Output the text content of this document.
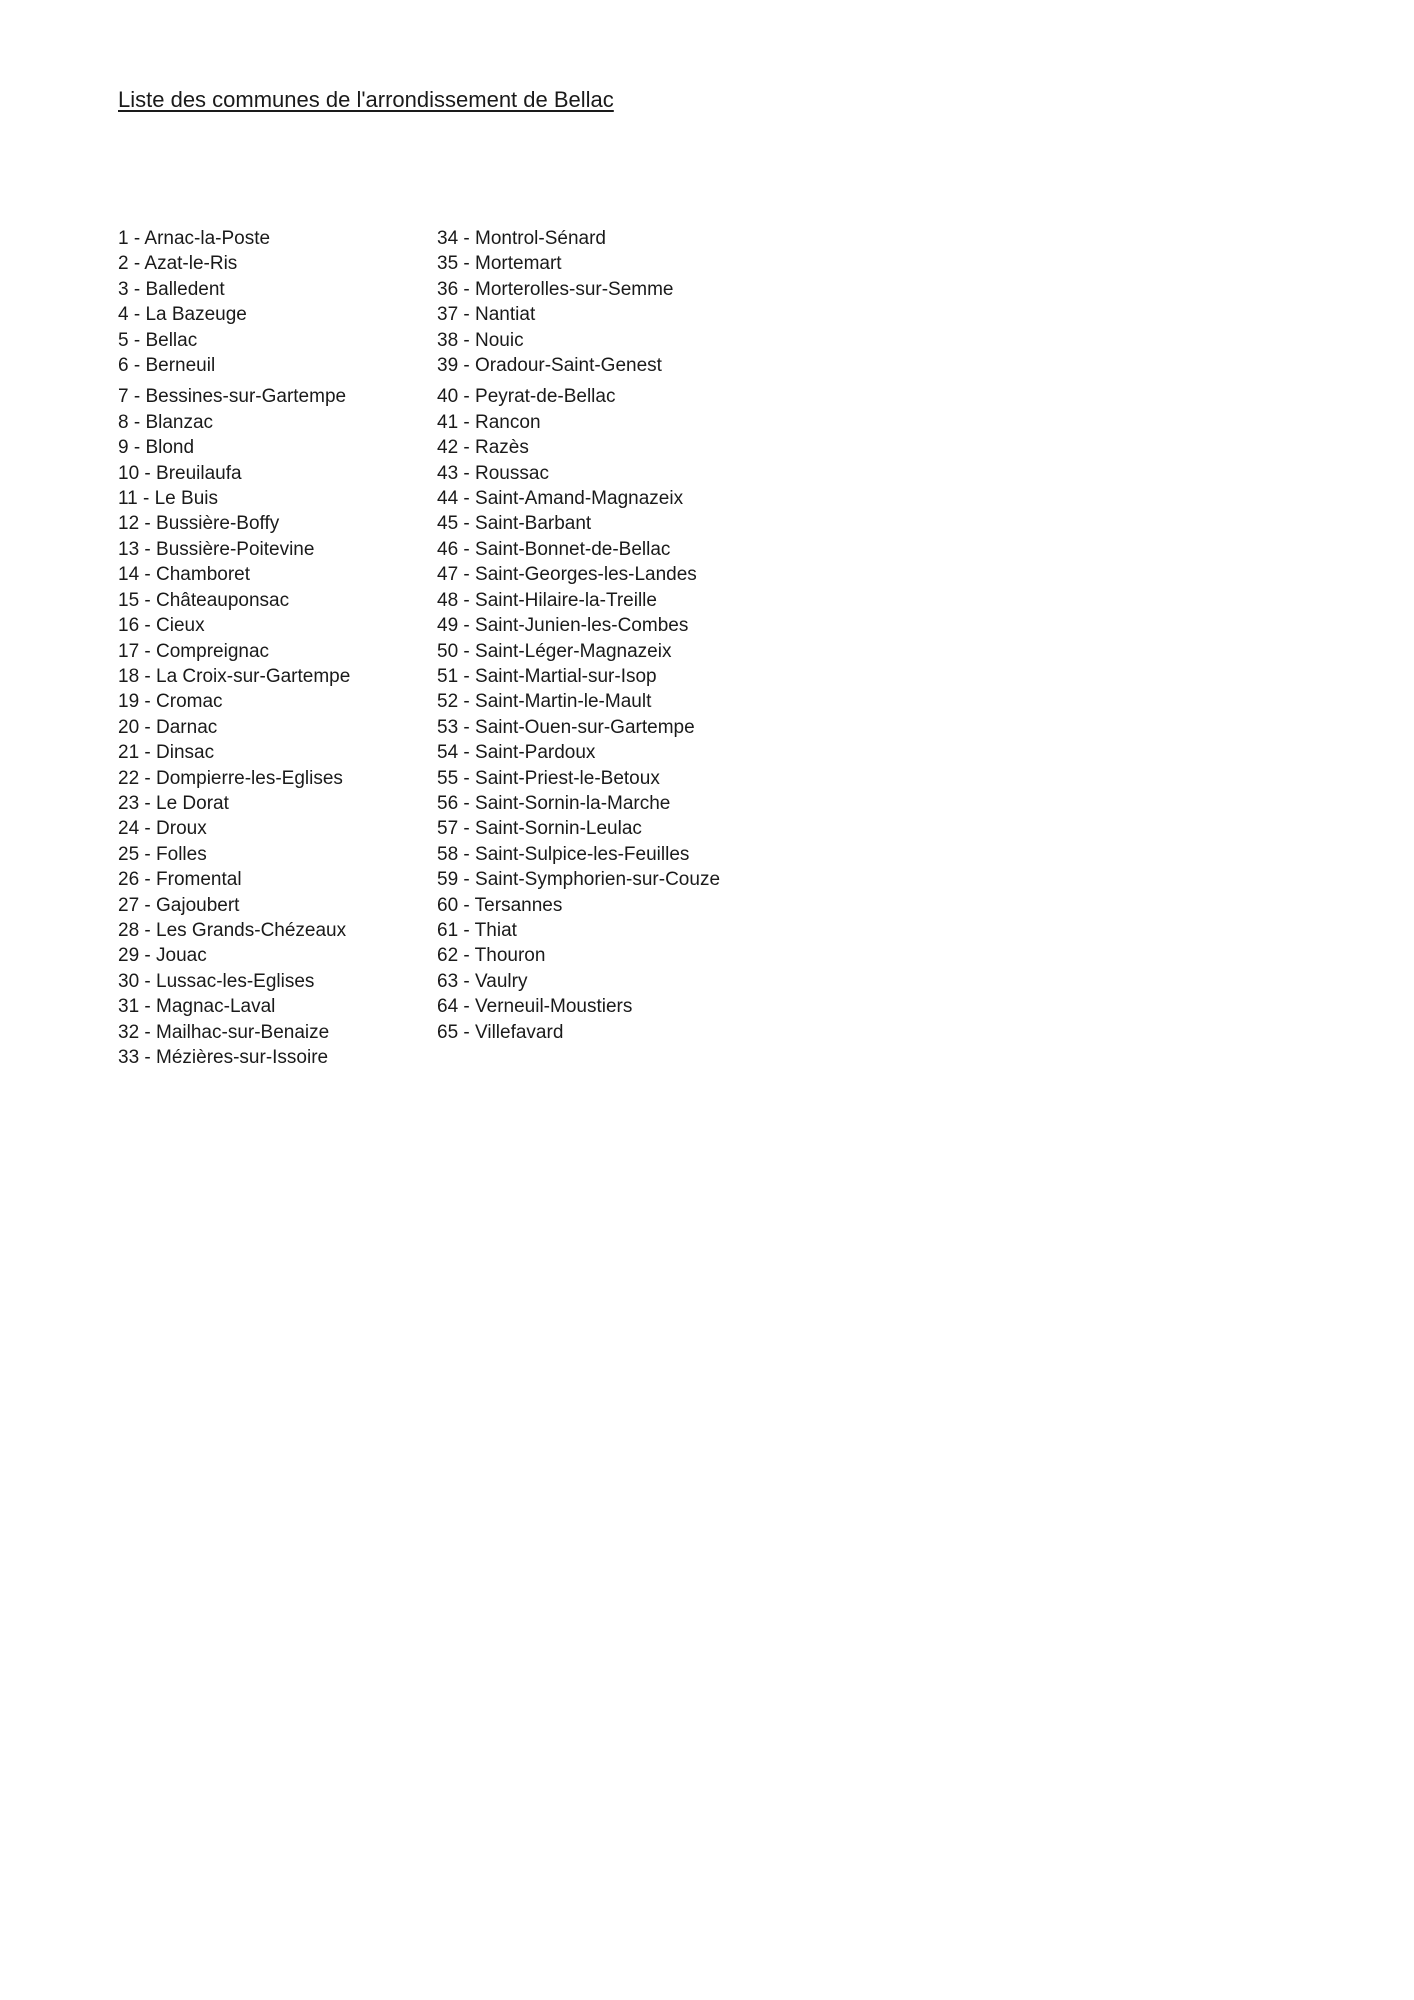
Liste des communes de l'arrondissement de Bellac
1 - Arnac-la-Poste
2 - Azat-le-Ris
3 - Balledent
4 - La Bazeuge
5 - Bellac
6 - Berneuil
7 - Bessines-sur-Gartempe
8 - Blanzac
9 - Blond
10 - Breuilaufa
11 - Le Buis
12 - Bussière-Boffy
13 - Bussière-Poitevine
14 - Chamboret
15 - Châteauponsac
16 - Cieux
17 - Compreignac
18 - La Croix-sur-Gartempe
19 - Cromac
20 - Darnac
21 - Dinsac
22 - Dompierre-les-Eglises
23 - Le Dorat
24 - Droux
25 - Folles
26 - Fromental
27 - Gajoubert
28 - Les Grands-Chézeaux
29 - Jouac
30 - Lussac-les-Eglises
31 - Magnac-Laval
32 - Mailhac-sur-Benaize
33 - Mézières-sur-Issoire
34 - Montrol-Sénard
35 - Mortemart
36 - Morterolles-sur-Semme
37 - Nantiat
38 - Nouic
39 - Oradour-Saint-Genest
40 - Peyrat-de-Bellac
41 - Rancon
42 - Razès
43 - Roussac
44 - Saint-Amand-Magnazeix
45 - Saint-Barbant
46 - Saint-Bonnet-de-Bellac
47 - Saint-Georges-les-Landes
48 - Saint-Hilaire-la-Treille
49 - Saint-Junien-les-Combes
50 - Saint-Léger-Magnazeix
51 - Saint-Martial-sur-Isop
52 - Saint-Martin-le-Mault
53 - Saint-Ouen-sur-Gartempe
54 - Saint-Pardoux
55 - Saint-Priest-le-Betoux
56 - Saint-Sornin-la-Marche
57 - Saint-Sornin-Leulac
58 - Saint-Sulpice-les-Feuilles
59 - Saint-Symphorien-sur-Couze
60 - Tersannes
61 - Thiat
62 - Thouron
63 - Vaulry
64 - Verneuil-Moustiers
65 - Villefavard
